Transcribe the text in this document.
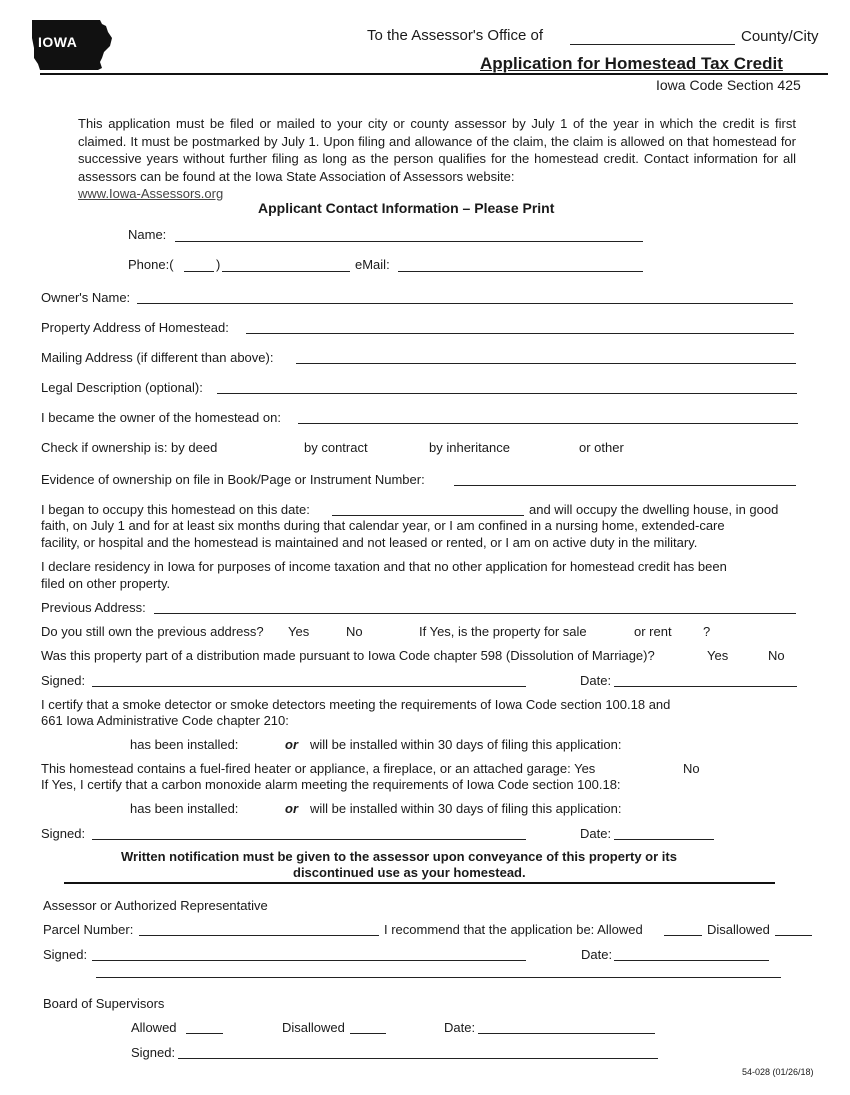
IOWA	To the Assessor's Office of	County/City
Application for Homestead Tax Credit
Iowa Code Section 425
This application must be filed or mailed to your city or county assessor by July 1 of the year in which the credit is first claimed. It must be postmarked by July 1. Upon filing and allowance of the claim, the claim is allowed on that homestead for successive years without further filing as long as the person qualifies for the homestead credit. Contact information for all assessors can be found at the Iowa State Association of Assessors website:
www.Iowa-Assessors.org
Applicant Contact Information – Please Print
Name:
Phone:(	)	eMail:
Owner's Name:
Property Address of Homestead:
Mailing Address (if different than above):
Legal Description (optional):
I became the owner of the homestead on:
Check if ownership is: by deed	by contract	by inheritance	or other
Evidence of ownership on file in Book/Page or Instrument Number:
I began to occupy this homestead on this date:	and will occupy the dwelling house, in good
faith, on July 1 and for at least six months during that calendar year, or I am confined in a nursing home, extended-care
facility, or hospital and the homestead is maintained and not leased or rented, or I am on active duty in the military.
I declare residency in Iowa for purposes of income taxation and that no other application for homestead credit has been
filed on other property.
Previous Address:
Do you still own the previous address? Yes	No	If Yes, is the property for sale	or rent ?
Was this property part of a distribution made pursuant to Iowa Code chapter 598 (Dissolution of Marriage)?	Yes	No
Signed:	Date:
I certify that a smoke detector or smoke detectors meeting the requirements of Iowa Code section 100.18 and
661 Iowa Administrative Code chapter 210:
has been installed:	or will be installed within 30 days of filing this application:
This homestead contains a fuel-fired heater or appliance, a fireplace, or an attached garage: Yes	No
If Yes, I certify that a carbon monoxide alarm meeting the requirements of Iowa Code section 100.18:
has been installed:	or will be installed within 30 days of filing this application:
Signed:	Date:
Written notification must be given to the assessor upon conveyance of this property or its
discontinued use as your homestead.
Assessor or Authorized Representative
Parcel Number:	I recommend that the application be: Allowed	Disallowed
Signed:	Date:
Board of Supervisors
Allowed	Disallowed	Date:
Signed:
54-028 (01/26/18)
